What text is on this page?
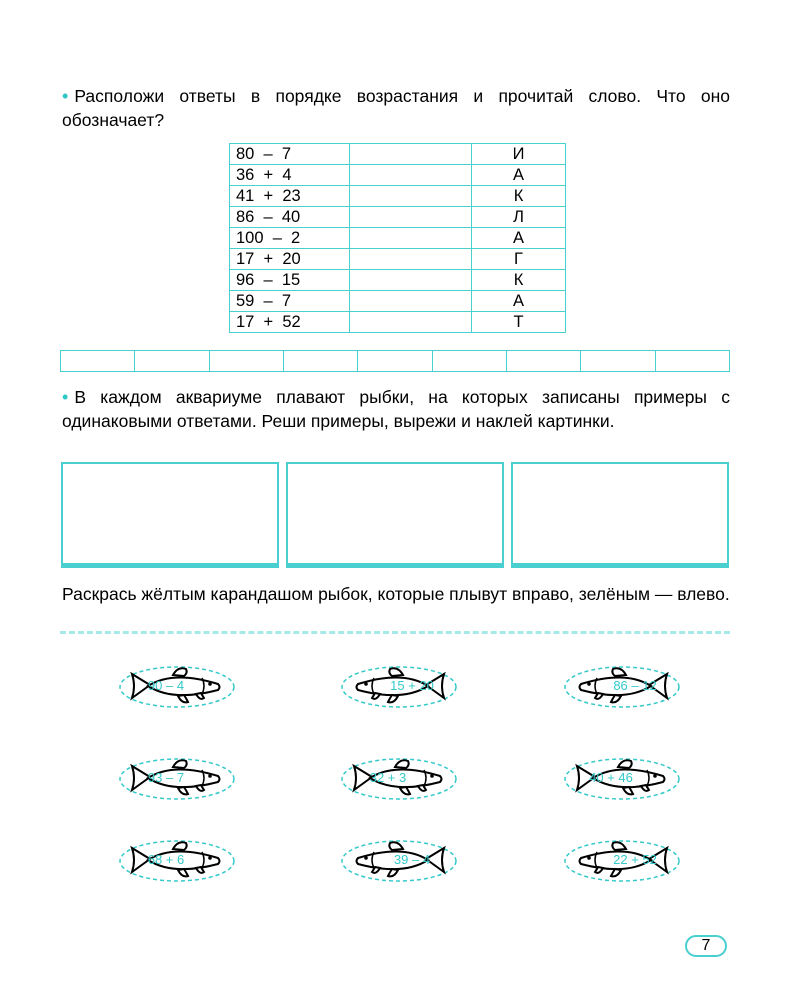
• Расположи ответы в порядке возрастания и прочитай слово. Что оно обозначает?
80  –  7		И
36  +  4		А
41  +  23		К
86  –  40		Л
100  –  2		А
17  +  20		Г
96  –  15		К
59  –  7		А
17  +  52		Т
• В каждом аквариуме плавают рыбки, на которых записаны примеры с одинаковыми ответами. Реши примеры, вырежи и наклей картинки.
Раскрась жёлтым карандашом рыбок, которые плывут вправо, зелёным — влево.
90 – 4	15 + 20	86 – 12
93 – 7	32 + 3	40 + 46
68 + 6	39 – 4	22 + 52
7
